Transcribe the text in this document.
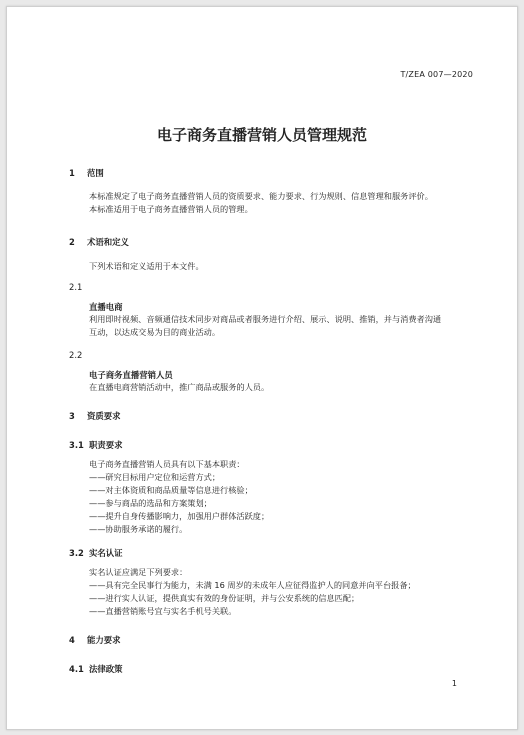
T/ZEA 007—2020
电子商务直播营销人员管理规范
1 范围
本标准规定了电子商务直播营销人员的资质要求、能力要求、行为规则、信息管理和服务评价。
本标准适用于电子商务直播营销人员的管理。
2 术语和定义
下列术语和定义适用于本文件。
2.1
直播电商
利用即时视频、音频通信技术同步对商品或者服务进行介绍、展示、说明、推销，并与消费者沟通
互动，以达成交易为目的商业活动。
2.2
电子商务直播营销人员
在直播电商营销活动中，推广商品或服务的人员。
3 资质要求
3.1 职责要求
电子商务直播营销人员具有以下基本职责：
——研究目标用户定位和运营方式；
——对主体资质和商品质量等信息进行核验；
——参与商品的选品和方案策划；
——提升自身传播影响力，加强用户群体活跃度；
——协助服务承诺的履行。
3.2 实名认证
实名认证应满足下列要求：
——具有完全民事行为能力，未满 16 周岁的未成年人应征得监护人的同意并向平台报备；
——进行实人认证，提供真实有效的身份证明，并与公安系统的信息匹配；
——直播营销账号宜与实名手机号关联。
4 能力要求
4.1 法律政策
1
